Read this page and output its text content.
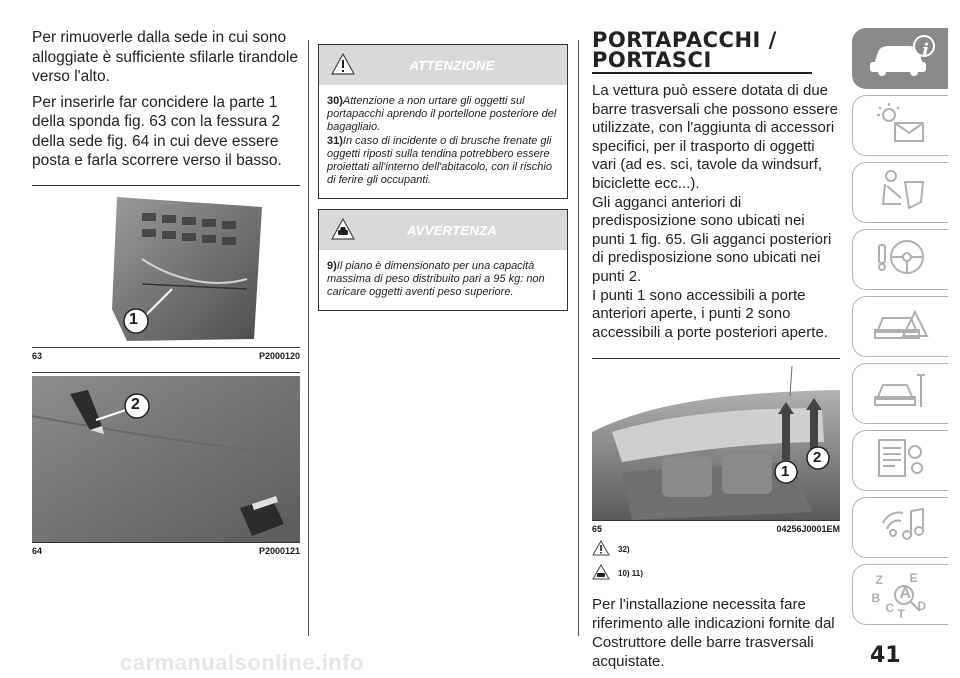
Per rimuoverle dalla sede in cui sono alloggiate è sufficiente sfilarle tirandole verso l'alto.

Per inserirle far concidere la parte 1 della sponda fig. 63 con la fessura 2 della sede fig. 64 in cui deve essere posta e farla scorrere verso il basso.

1
63	P2000120
2
64	P2000121
ATTENZIONE

30)Attenzione a non urtare gli oggetti sul portapacchi aprendo il portellone posteriore del bagagliaio.

31)In caso di incidente o di brusche frenate gli oggetti riposti sulla tendina potrebbero essere proiettati all'interno dell'abitacolo, con il rischio di ferire gli occupanti.

AVVERTENZA

9)Il piano è dimensionato per una capacità massima di peso distribuito pari a 95 kg: non caricare oggetti aventi peso superiore.

PORTAPACCHI /
PORTASCI

La vettura può essere dotata di due barre trasversali che possono essere utilizzate, con l'aggiunta di accessori specifici, per il trasporto di oggetti vari (ad es. sci, tavole da windsurf, biciclette ecc...).

Gli agganci anteriori di predisposizione sono ubicati nei punti 1 fig. 65. Gli agganci posteriori di predisposizione sono ubicati nei punti 2.

I punti 1 sono accessibili a porte anteriori aperte, i punti 2 sono accessibili a porte posteriori aperte.

1
2
65	04256J0001EM
32)
10) 11)

Per l'installazione necessita fare riferimento alle indicazioni fornite dal Costruttore delle barre trasversali acquistate.

i
Z E
A
B
C D
T
41
carmanualsonline.info
